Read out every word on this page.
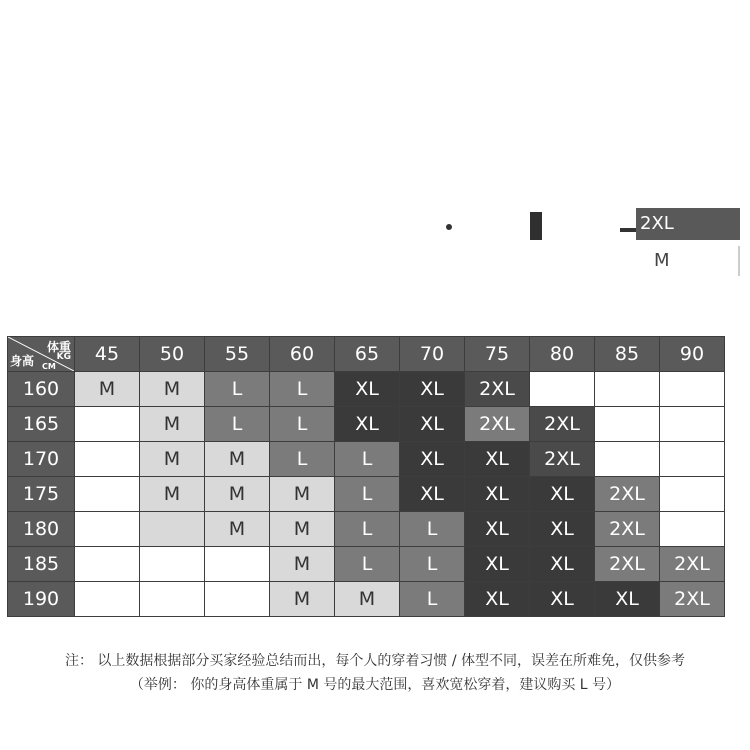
2XL
M
体重
KG
身高 CM	45	50	55	60	65	70	75	80	85	90
160	M	M	L	L	XL	XL	2XL			
165		M	L	L	XL	XL	2XL	2XL		
170		M	M	L	L	XL	XL	2XL		
175		M	M	M	L	XL	XL	XL	2XL	
180			M	M	L	L	XL	XL	2XL	
185				M	L	L	XL	XL	2XL	2XL
190				M	M	L	XL	XL	XL	2XL
注： 以上数据根据部分买家经验总结而出，每个人的穿着习惯 / 体型不同，误差在所难免，仅供参考
（举例： 你的身高体重属于 M 号的最大范围，喜欢宽松穿着，建议购买 L 号）
